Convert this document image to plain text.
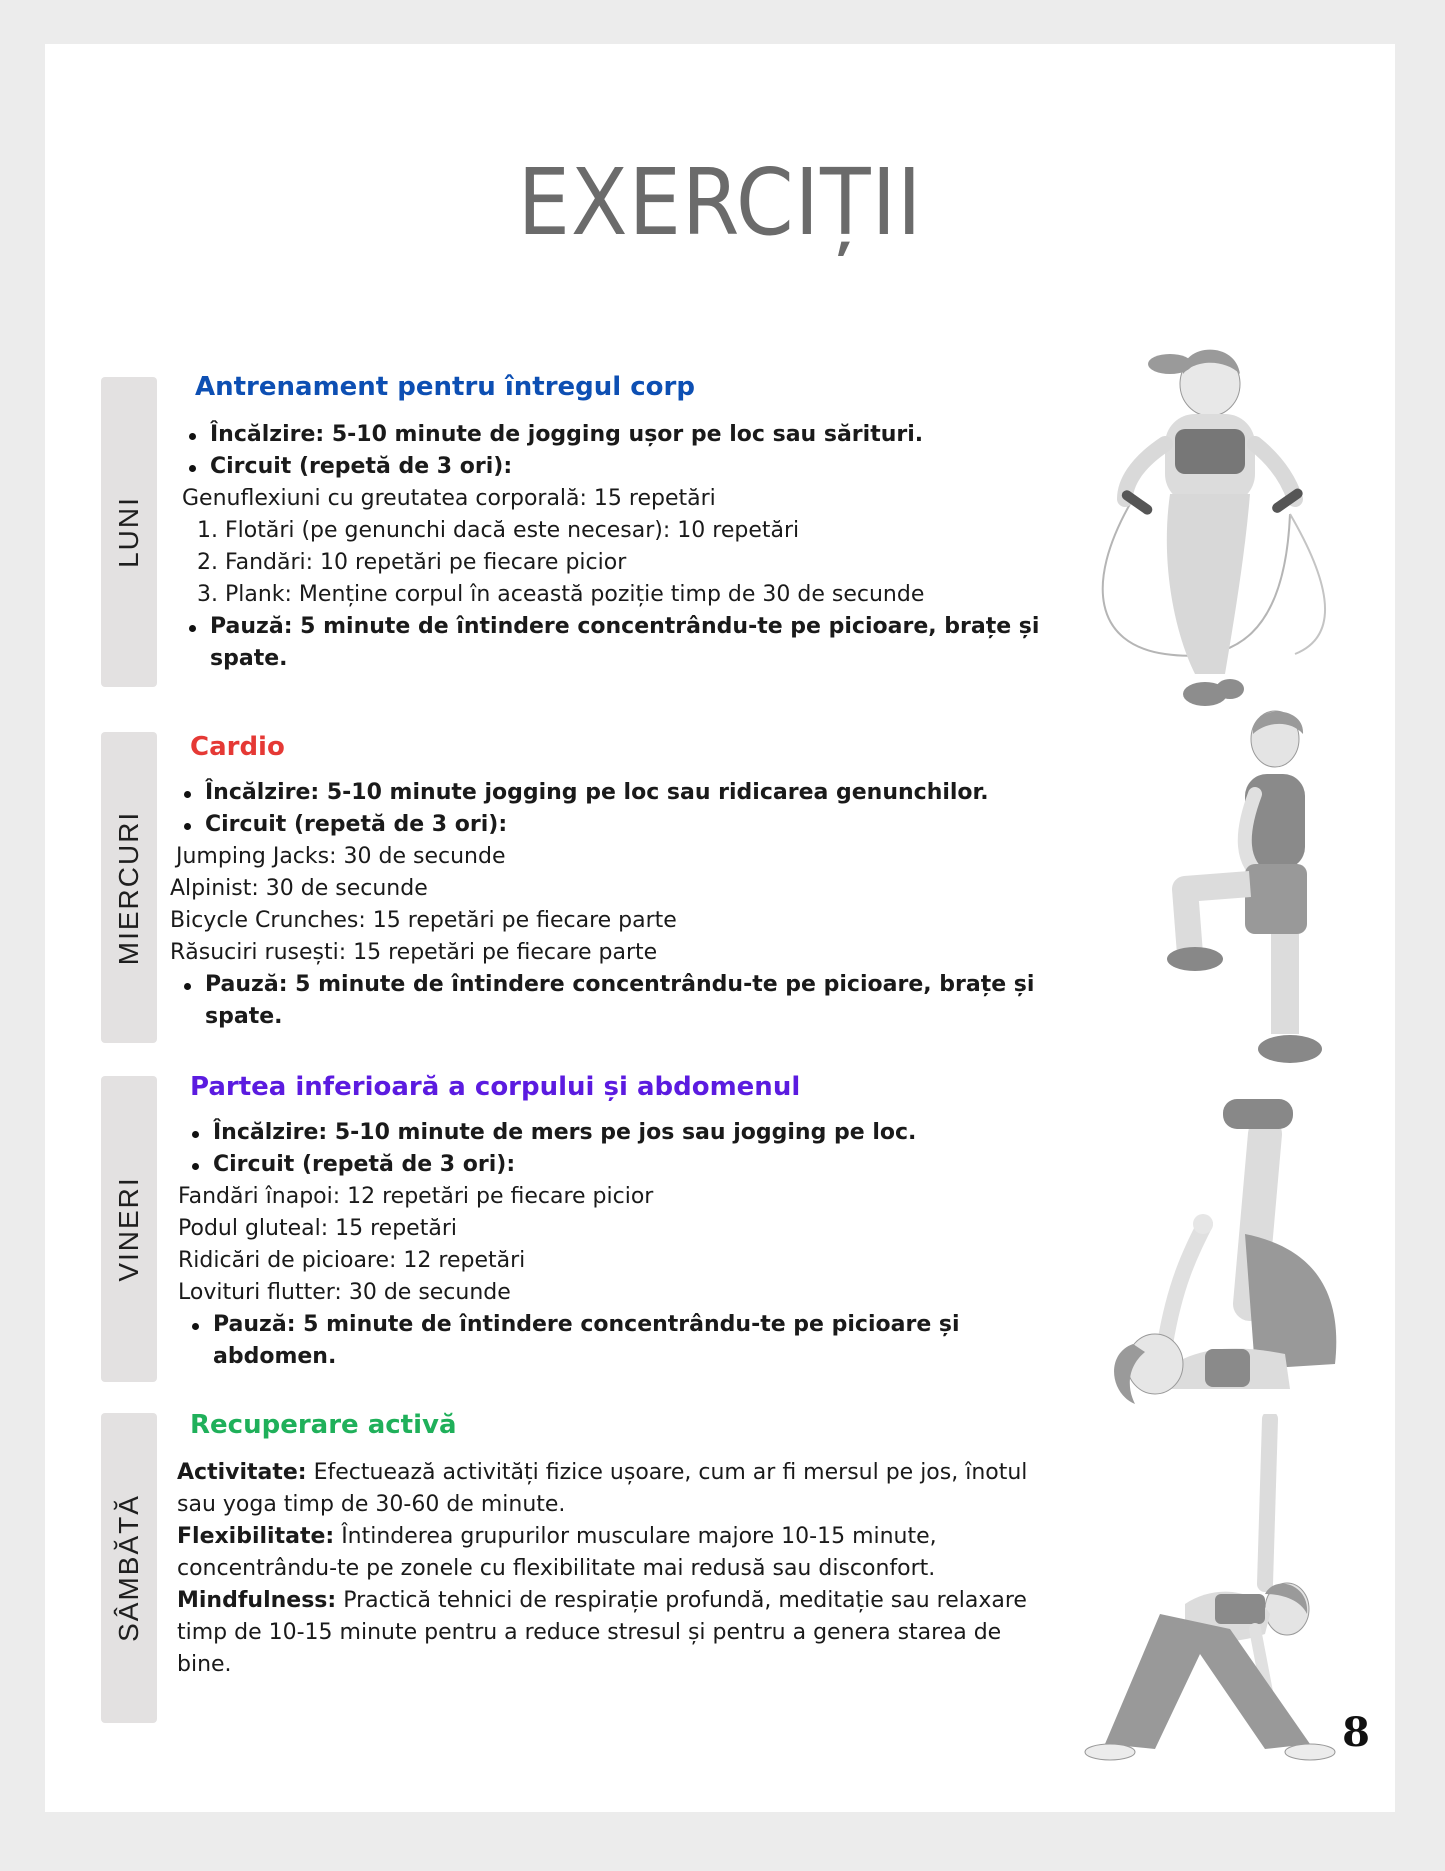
EXERCIȚII
LUNI
Antrenament pentru întregul corp
Încălzire: 5-10 minute de jogging ușor pe loc sau sărituri.
Circuit (repetă de 3 ori):
Genuflexiuni cu greutatea corporală: 15 repetări
1. Flotări (pe genunchi dacă este necesar): 10 repetări
2. Fandări: 10 repetări pe fiecare picior
3. Plank: Menține corpul în această poziție timp de 30 de secunde
Pauză: 5 minute de întindere concentrându-te pe picioare, brațe și spate.
MIERCURI
Cardio
Încălzire: 5-10 minute jogging pe loc sau ridicarea genunchilor.
Circuit (repetă de 3 ori):
Jumping Jacks: 30 de secunde
Alpinist: 30 de secunde
Bicycle Crunches: 15 repetări pe fiecare parte
Răsuciri rusești: 15 repetări pe fiecare parte
Pauză: 5 minute de întindere concentrându-te pe picioare, brațe și spate.
VINERI
Partea inferioară a corpului și abdomenul
Încălzire: 5-10 minute de mers pe jos sau jogging pe loc.
Circuit (repetă de 3 ori):
Fandări înapoi: 12 repetări pe fiecare picior
Podul gluteal: 15 repetări
Ridicări de picioare: 12 repetări
Lovituri flutter: 30 de secunde
Pauză: 5 minute de întindere concentrându-te pe picioare și abdomen.
SÂMBĂTĂ
Recuperare activă
Activitate: Efectuează activități fizice ușoare, cum ar fi mersul pe jos, înotul sau yoga timp de 30-60 de minute.
Flexibilitate: Întinderea grupurilor musculare majore 10-15 minute, concentrându-te pe zonele cu flexibilitate mai redusă sau disconfort.
Mindfulness: Practică tehnici de respirație profundă, meditație sau relaxare timp de 10-15 minute pentru a reduce stresul și pentru a genera starea de bine.
8
